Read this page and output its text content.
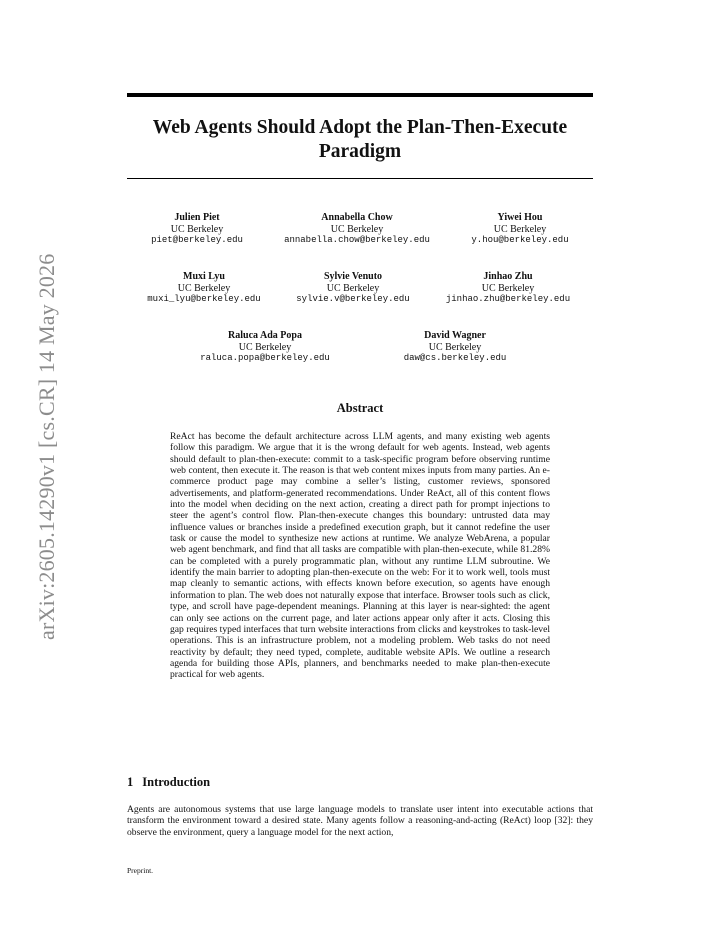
arXiv:2605.14290v1 [cs.CR] 14 May 2026
Web Agents Should Adopt the Plan-Then-Execute Paradigm
Julien Piet
UC Berkeley
piet@berkeley.edu
Annabella Chow
UC Berkeley
annabella.chow@berkeley.edu
Yiwei Hou
UC Berkeley
y.hou@berkeley.edu
Muxi Lyu
UC Berkeley
muxi_lyu@berkeley.edu
Sylvie Venuto
UC Berkeley
sylvie.v@berkeley.edu
Jinhao Zhu
UC Berkeley
jinhao.zhu@berkeley.edu
Raluca Ada Popa
UC Berkeley
raluca.popa@berkeley.edu
David Wagner
UC Berkeley
daw@cs.berkeley.edu
Abstract
ReAct has become the default architecture across LLM agents, and many existing web agents follow this paradigm. We argue that it is the wrong default for web agents. Instead, web agents should default to plan-then-execute: commit to a task-specific program before observing runtime web content, then execute it. The reason is that web content mixes inputs from many parties. An e-commerce product page may combine a seller’s listing, customer reviews, sponsored advertisements, and platform-generated recommendations. Under ReAct, all of this content flows into the model when deciding on the next action, creating a direct path for prompt injections to steer the agent’s control flow. Plan-then-execute changes this boundary: untrusted data may influence values or branches inside a predefined execution graph, but it cannot redefine the user task or cause the model to synthesize new actions at runtime. We analyze WebArena, a popular web agent benchmark, and find that all tasks are compatible with plan-then-execute, while 81.28% can be completed with a purely programmatic plan, without any runtime LLM subroutine. We identify the main barrier to adopting plan-then-execute on the web: For it to work well, tools must map cleanly to semantic actions, with effects known before execution, so agents have enough information to plan. The web does not naturally expose that interface. Browser tools such as click, type, and scroll have page-dependent meanings. Planning at this layer is near-sighted: the agent can only see actions on the current page, and later actions appear only after it acts. Closing this gap requires typed interfaces that turn website interactions from clicks and keystrokes to task-level operations. This is an infrastructure problem, not a modeling problem. Web tasks do not need reactivity by default; they need typed, complete, auditable website APIs. We outline a research agenda for building those APIs, planners, and benchmarks needed to make plan-then-execute practical for web agents.
1 Introduction
Agents are autonomous systems that use large language models to translate user intent into executable actions that transform the environment toward a desired state. Many agents follow a reasoning-and-acting (ReAct) loop [32]: they observe the environment, query a language model for the next action,
Preprint.
